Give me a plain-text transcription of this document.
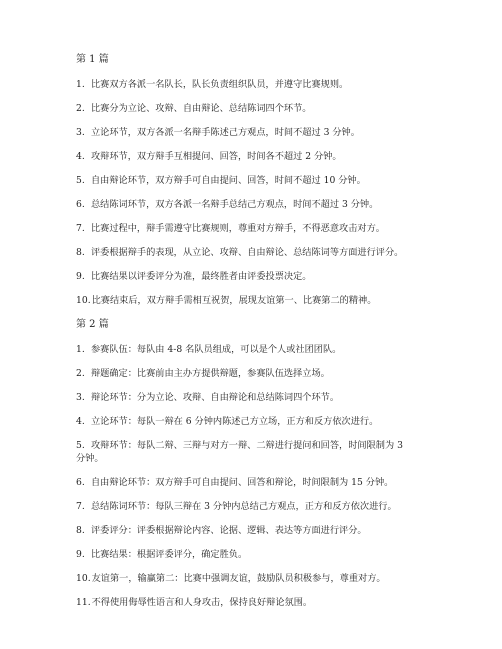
第 1 篇
1. 比赛双方各派一名队长，队长负责组织队员，并遵守比赛规则。
2. 比赛分为立论、攻辩、自由辩论、总结陈词四个环节。
3. 立论环节，双方各派一名辩手陈述己方观点，时间不超过 3 分钟。
4. 攻辩环节，双方辩手互相提问、回答，时间各不超过 2 分钟。
5. 自由辩论环节，双方辩手可自由提问、回答，时间不超过 10 分钟。
6. 总结陈词环节，双方各派一名辩手总结己方观点，时间不超过 3 分钟。
7. 比赛过程中，辩手需遵守比赛规则，尊重对方辩手，不得恶意攻击对方。
8. 评委根据辩手的表现，从立论、攻辩、自由辩论、总结陈词等方面进行评分。
9. 比赛结果以评委评分为准，最终胜者由评委投票决定。
10.比赛结束后，双方辩手需相互祝贺，展现友谊第一、比赛第二的精神。
第 2 篇
1. 参赛队伍：每队由 4-8 名队员组成，可以是个人或社团团队。
2. 辩题确定：比赛前由主办方提供辩题，参赛队伍选择立场。
3. 辩论环节：分为立论、攻辩、自由辩论和总结陈词四个环节。
4. 立论环节：每队一辩在 6 分钟内陈述己方立场，正方和反方依次进行。
5. 攻辩环节：每队二辩、三辩与对方一辩、二辩进行提问和回答，时间限制为 3 分钟。
6. 自由辩论环节：双方辩手可自由提问、回答和辩论，时间限制为 15 分钟。
7. 总结陈词环节：每队三辩在 3 分钟内总结己方观点，正方和反方依次进行。
8. 评委评分：评委根据辩论内容、论据、逻辑、表达等方面进行评分。
9. 比赛结果：根据评委评分，确定胜负。
10.友谊第一，输赢第二：比赛中强调友谊，鼓励队员积极参与，尊重对方。
11.不得使用侮辱性语言和人身攻击，保持良好辩论氛围。
